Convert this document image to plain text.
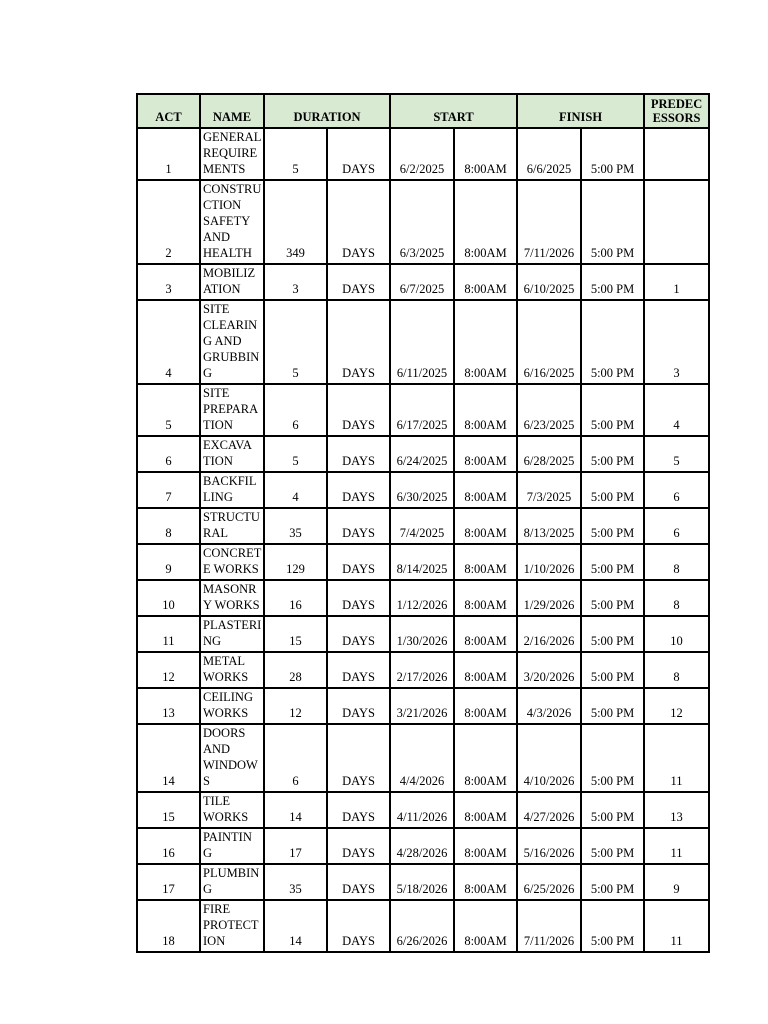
ACT	NAME	DURATION		START		FINISH		PREDEC
ESSORS
1	GENERAL
REQUIRE
MENTS	5	DAYS	6/2/2025	8:00AM	6/6/2025	5:00 PM	
2	CONSTRU
CTION
SAFETY
AND
HEALTH	349	DAYS	6/3/2025	8:00AM	7/11/2026	5:00 PM	
3	MOBILIZ
ATION	3	DAYS	6/7/2025	8:00AM	6/10/2025	5:00 PM	1
4	SITE
CLEARIN
G AND
GRUBBIN
G	5	DAYS	6/11/2025	8:00AM	6/16/2025	5:00 PM	3
5	SITE
PREPARA
TION	6	DAYS	6/17/2025	8:00AM	6/23/2025	5:00 PM	4
6	EXCAVA
TION	5	DAYS	6/24/2025	8:00AM	6/28/2025	5:00 PM	5
7	BACKFIL
LING	4	DAYS	6/30/2025	8:00AM	7/3/2025	5:00 PM	6
8	STRUCTU
RAL	35	DAYS	7/4/2025	8:00AM	8/13/2025	5:00 PM	6
9	CONCRET
E WORKS	129	DAYS	8/14/2025	8:00AM	1/10/2026	5:00 PM	8
10	MASONR
Y WORKS	16	DAYS	1/12/2026	8:00AM	1/29/2026	5:00 PM	8
11	PLASTERI
NG	15	DAYS	1/30/2026	8:00AM	2/16/2026	5:00 PM	10
12	METAL
WORKS	28	DAYS	2/17/2026	8:00AM	3/20/2026	5:00 PM	8
13	CEILING
WORKS	12	DAYS	3/21/2026	8:00AM	4/3/2026	5:00 PM	12
14	DOORS
AND
WINDOW
S	6	DAYS	4/4/2026	8:00AM	4/10/2026	5:00 PM	11
15	TILE
WORKS	14	DAYS	4/11/2026	8:00AM	4/27/2026	5:00 PM	13
16	PAINTIN
G	17	DAYS	4/28/2026	8:00AM	5/16/2026	5:00 PM	11
17	PLUMBIN
G	35	DAYS	5/18/2026	8:00AM	6/25/2026	5:00 PM	9
18	FIRE
PROTECT
ION	14	DAYS	6/26/2026	8:00AM	7/11/2026	5:00 PM	11
